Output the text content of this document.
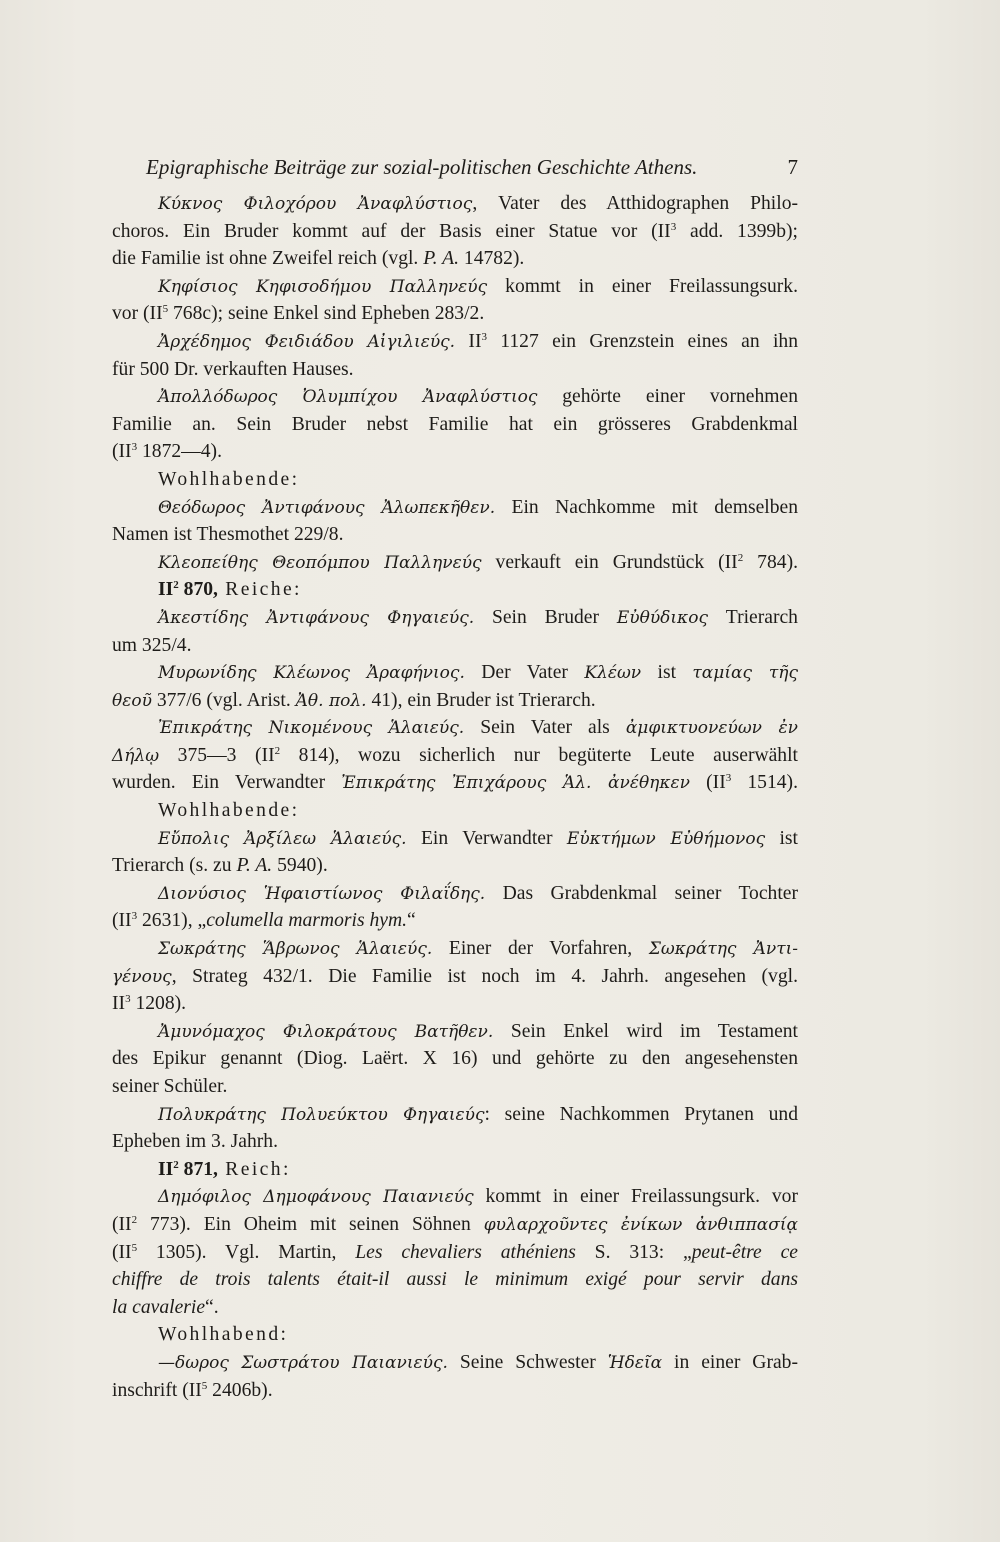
Epigraphische Beiträge zur sozial-politischen Geschichte Athens.	7
Κύκνος Φιλοχόρου Ἀναφλύστιος, Vater des Atthidographen Philo-
choros. Ein Bruder kommt auf der Basis einer Statue vor ($II^3$ add. 1399b);
die Familie ist ohne Zweifel reich (vgl. P. A. 14782).
Κηφίσιος Κηφισοδήμου Παλληνεύς kommt in einer Freilassungsurk.
vor ($II^5$ 768c); seine Enkel sind Epheben 283/2.
Ἀρχέδημος Φειδιάδου Αἰγιλιεύς. $II^3$ 1127 ein Grenzstein eines an ihn
für 500 Dr. verkauften Hauses.
Ἀπολλόδωρος Ὀλυμπίχου Ἀναφλύστιος gehörte einer vornehmen
Familie an. Sein Bruder nebst Familie hat ein grösseres Grabdenkmal
($II^3$ 1872—4).
Wohlhabende:
Θεόδωρος Ἀντιφάνους Ἀλωπεκῆθεν. Ein Nachkomme mit demselben
Namen ist Thesmothet 229/8.
Κλεοπείθης Θεοπόμπου Παλληνεύς verkauft ein Grundstück ($II^2$ 784).
$II^2$ 870, Reiche:
Ἀκεστίδης Ἀντιφάνους Φηγαιεύς. Sein Bruder Εὐθύδικος Trierarch
um 325/4.
Μυρωνίδης Κλέωνος Ἀραφήνιος. Der Vater Κλέων ist ταμίας τῆς
θεοῦ 377/6 (vgl. Arist. Ἀθ. πολ. 41), ein Bruder ist Trierarch.
Ἐπικράτης Νικομένους Ἁλαιεύς. Sein Vater als ἀμφικτυονεύων ἐν
Δήλῳ 375—3 ($II^2$ 814), wozu sicherlich nur begüterte Leute auserwählt
wurden. Ein Verwandter Ἐπικράτης Ἐπιχάρους Ἁλ. ἀνέθηκεν ($II^3$ 1514).
Wohlhabende:
Εὔπολις Ἀρξίλεω Ἁλαιεύς. Ein Verwandter Εὐκτήμων Εὐθήμονος ist
Trierarch (s. zu P. A. 5940).
Διονύσιος Ἡφαιστίωνος Φιλαΐδης. Das Grabdenkmal seiner Tochter
($II^3$ 2631), „columella marmoris hym.“
Σωκράτης Ἅβρωνος Ἁλαιεύς. Einer der Vorfahren, Σωκράτης Ἀντι-
γένους, Strateg 432/1. Die Familie ist noch im 4. Jahrh. angesehen (vgl.
$II^3$ 1208).
Ἀμυνόμαχος Φιλοκράτους Βατῆθεν. Sein Enkel wird im Testament
des Epikur genannt (Diog. Laërt. X 16) und gehörte zu den angesehensten
seiner Schüler.
Πολυκράτης Πολυεύκτου Φηγαιεύς: seine Nachkommen Prytanen und
Epheben im 3. Jahrh.
$II^2$ 871, Reich:
Δημόφιλος Δημοφάνους Παιανιεύς kommt in einer Freilassungsurk. vor
($II^2$ 773). Ein Oheim mit seinen Söhnen φυλαρχοῦντες ἐνίκων ἀνθιππασίᾳ
($II^5$ 1305). Vgl. Martin, Les chevaliers athéniens S. 313: „peut-être ce
chiffre de trois talents était-il aussi le minimum exigé pour servir dans
la cavalerie“.
Wohlhabend:
—δωρος Σωστράτου Παιανιεύς. Seine Schwester Ἡδεῖα in einer Grab-
inschrift ($II^5$ 2406b).
